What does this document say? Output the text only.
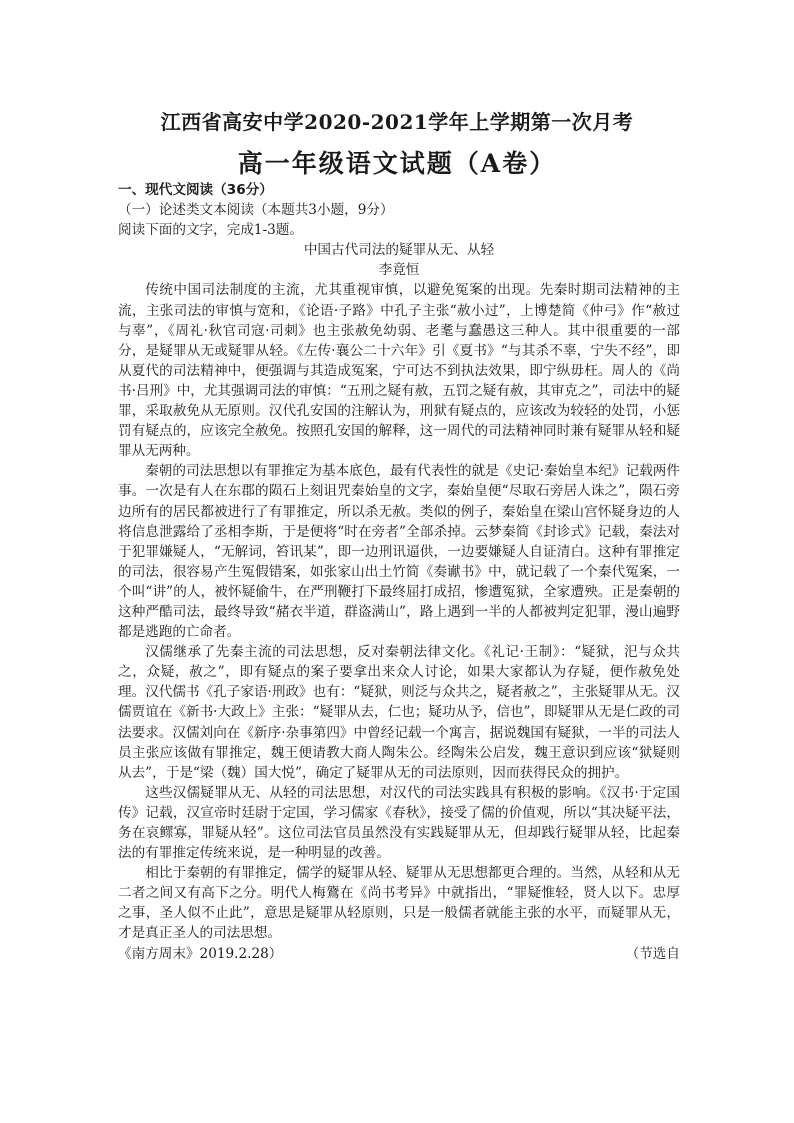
江西省高安中学2020-2021学年上学期第一次月考
高一年级语文试题（A卷）

一、现代文阅读（36分）

（一）论述类文本阅读（本题共3小题，9分）

阅读下面的文字，完成1-3题。

中国古代司法的疑罪从无、从轻

李竟恒

传统中国司法制度的主流，尤其重视审慎，以避免冤案的出现。先秦时期司法精神的主流，主张司法的审慎与宽和，《论语·子路》中孔子主张“赦小过”，上博楚简《仲弓》作“赦过与辜”，《周礼·秋官司寇·司刺》也主张赦免幼弱、老耄与蠢愚这三种人。其中很重要的一部分，是疑罪从无或疑罪从轻。《左传·襄公二十六年》引《夏书》“与其杀不辜，宁失不经”，即从夏代的司法精神中，便强调与其造成冤案，宁可达不到执法效果，即宁纵毋枉。周人的《尚书·吕刑》中，尤其强调司法的审慎：“五刑之疑有赦，五罚之疑有赦，其审克之”，司法中的疑罪，采取赦免从无原则。汉代孔安国的注解认为，刑狱有疑点的，应该改为较轻的处罚，小惩罚有疑点的，应该完全赦免。按照孔安国的解释，这一周代的司法精神同时兼有疑罪从轻和疑罪从无两种。

秦朝的司法思想以有罪推定为基本底色，最有代表性的就是《史记·秦始皇本纪》记载两件事。一次是有人在东郡的陨石上刻诅咒秦始皇的文字，秦始皇便“尽取石旁居人诛之”，陨石旁边所有的居民都被进行了有罪推定，所以杀无赦。类似的例子，秦始皇在梁山宫怀疑身边的人将信息泄露给了丞相李斯，于是便将“时在旁者”全部杀掉。云梦秦简《封诊式》记载，秦法对于犯罪嫌疑人，“无解词，笞讯某”，即一边刑讯逼供，一边要嫌疑人自证清白。这种有罪推定的司法，很容易产生冤假错案，如张家山出土竹简《奏谳书》中，就记载了一个秦代冤案，一个叫“讲”的人，被怀疑偷牛，在严刑鞭打下最终屈打成招，惨遭冤狱，全家遭殃。正是秦朝的这种严酷司法，最终导致“赭衣半道，群盗满山”，路上遇到一半的人都被判定犯罪，漫山遍野都是逃跑的亡命者。

汉儒继承了先秦主流的司法思想，反对秦朝法律文化。《礼记·王制》：“疑狱，汜与众共之，众疑，赦之”，即有疑点的案子要拿出来众人讨论，如果大家都认为存疑，便作赦免处理。汉代儒书《孔子家语·刑政》也有：“疑狱，则泛与众共之，疑者赦之”，主张疑罪从无。汉儒贾谊在《新书·大政上》主张：“疑罪从去，仁也；疑功从予，信也”，即疑罪从无是仁政的司法要求。汉儒刘向在《新序·杂事第四》中曾经记载一个寓言，据说魏国有疑狱，一半的司法人员主张应该做有罪推定，魏王便请教大商人陶朱公。经陶朱公启发，魏王意识到应该“狱疑则从去”，于是“梁（魏）国大悦”，确定了疑罪从无的司法原则，因而获得民众的拥护。

这些汉儒疑罪从无、从轻的司法思想，对汉代的司法实践具有积极的影响。《汉书·于定国传》记载，汉宣帝时廷尉于定国，学习儒家《春秋》，接受了儒的价值观，所以“其决疑平法，务在哀鳏寡，罪疑从轻”。这位司法官员虽然没有实践疑罪从无，但却践行疑罪从轻，比起秦法的有罪推定传统来说，是一种明显的改善。

相比于秦朝的有罪推定，儒学的疑罪从轻、疑罪从无思想都更合理的。当然，从轻和从无二者之间又有高下之分。明代人梅鷟在《尚书考异》中就指出，“罪疑惟轻，贤人以下。忠厚之事，圣人似不止此”，意思是疑罪从轻原则，只是一般儒者就能主张的水平，而疑罪从无，才是真正圣人的司法思想。

（节选自

《南方周末》2019.2.28）
